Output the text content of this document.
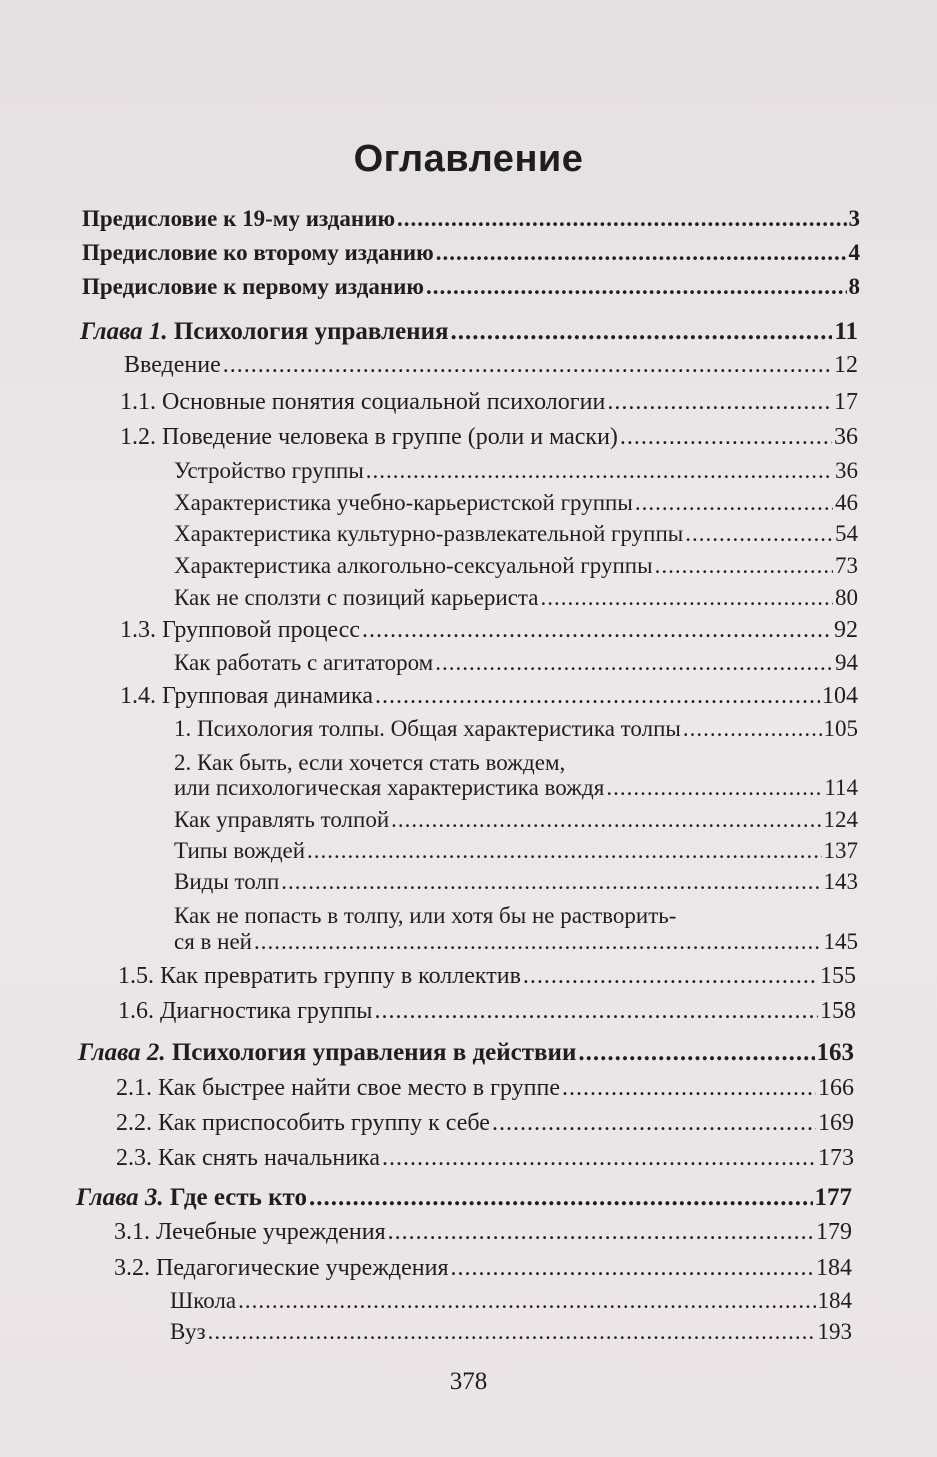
Оглавление
Предисловие к 19-му изданию .....	3
Предисловие ко второму изданию .....	4
Предисловие к первому изданию .....	8
Глава 1. Психология управления .....	11
Введение .....	12
1.1. Основные понятия социальной психологии .....	17
1.2. Поведение человека в группе (роли и маски) .....	36
Устройство группы .....	36
Характеристика учебно-карьеристской группы .....	46
Характеристика культурно-развлекательной группы .....	54
Характеристика алкогольно-сексуальной группы .....	73
Как не сползти с позиций карьериста .....	80
1.3. Групповой процесс .....	92
Как работать с агитатором .....	94
1.4. Групповая динамика .....	104
1. Психология толпы. Общая характеристика толпы .....	105
2. Как быть, если хочется стать вождем,
или психологическая характеристика вождя .....	114
Как управлять толпой .....	124
Типы вождей .....	137
Виды толп .....	143
Как не попасть в толпу, или хотя бы не растворить-
ся в ней .....	145
1.5. Как превратить группу в коллектив .....	155
1.6. Диагностика группы .....	158
Глава 2. Психология управления в действии .....	163
2.1. Как быстрее найти свое место в группе .....	166
2.2. Как приспособить группу к себе .....	169
2.3. Как снять начальника .....	173
Глава 3. Где есть кто .....	177
3.1. Лечебные учреждения .....	179
3.2. Педагогические учреждения .....	184
Школа .....	184
Вуз .....	193
378
